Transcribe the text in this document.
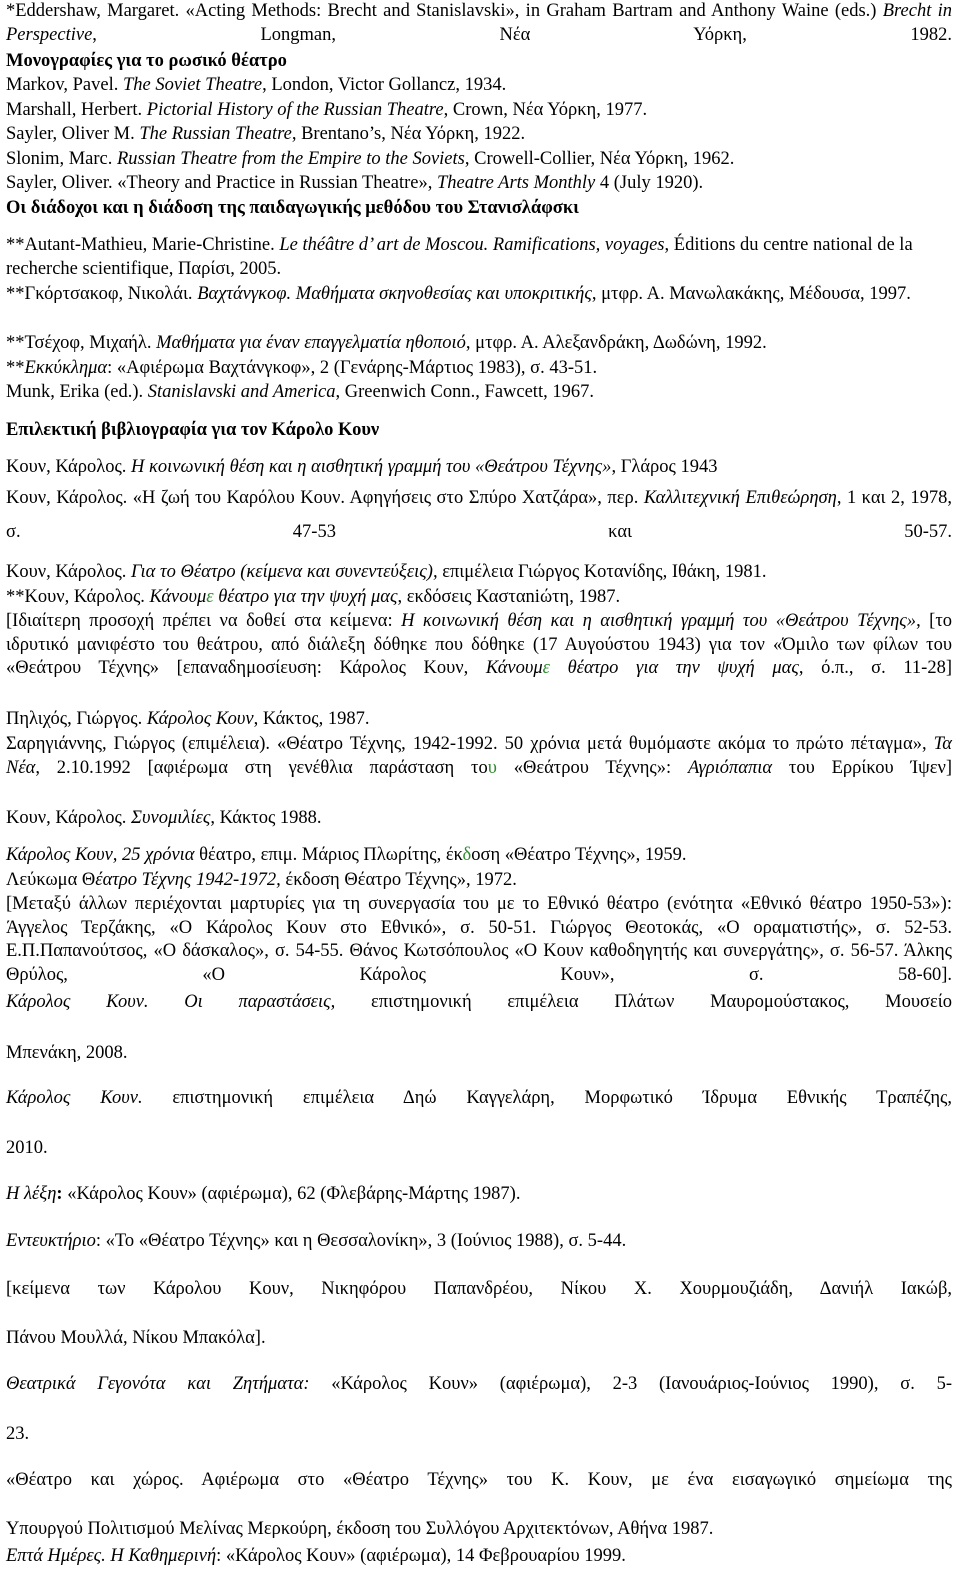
*Eddershaw, Margaret. «Acting Methods: Brecht and Stanislavski», in Graham Bartram and Anthony Waine (eds.) Brecht in Perspective, Longman, Νέα Υόρκη, 1982.
Μονογραφίες για το ρωσικό θέατρο
Markov, Pavel. The Soviet Theatre, London, Victor Gollancz, 1934.
Marshall, Herbert. Pictorial History of the Russian Theatre, Crown, Νέα Υόρκη, 1977.
Sayler, Oliver M. The Russian Theatre, Brentano’s, Νέα Υόρκη, 1922.
Slonim, Marc. Russian Theatre from the Empire to the Soviets, Crowell-Collier, Νέα Υόρκη, 1962.
Sayler, Oliver. «Theory and Practice in Russian Theatre», Theatre Arts Monthly 4 (July 1920).
Οι διάδοχοι και η διάδοση της παιδαγωγικής μεθόδου του Στανισλάφσκι
**Autant-Mathieu, Marie-Christine. Le théâtre d’ art de Moscou. Ramifications, voyages, Éditions du centre national de la recherche scientifique, Παρίσι, 2005.
**Γκόρτσακοφ, Νικολάι. Βαχτάνγκοφ. Μαθήματα σκηνοθεσίας και υποκριτικής, μτφρ. Α. Μανωλακάκης, Μέδουσα, 1997.
**Τσέχοφ, Μιχαήλ. Μαθήματα για έναν επαγγελματία ηθοποιό, μτφρ. Α. Αλεξανδράκη, Δωδώνη, 1992.
**Εκκύκλημα: «Αφιέρωμα Βαχτάνγκοφ», 2 (Γενάρης-Μάρτιος 1983), σ. 43-51.
Munk, Erika (ed.). Stanislavski and America, Greenwich Conn., Fawcett, 1967.
Επιλεκτική βιβλιογραφία για τον Κάρολο Κουν
Κουν, Κάρολος. Η κοινωνική θέση και η αισθητική γραμμή του «Θεάτρου Τέχνης», Γλάρος 1943
Κουν, Κάρολος. «Η ζωή του Καρόλου Κουν. Αφηγήσεις στο Σπύρο Χατζάρα», περ. Καλλιτεχνική Επιθεώρηση, 1 και 2, 1978, σ. 47-53 και 50-57.
Κουν, Κάρολος. Για το Θέατρο (κείμενα και συνεντεύξεις), επιμέλεια Γιώργος Κοτανίδης, Ιθάκη, 1981.
**Κουν, Κάρολος. Κάνουμε θέατρο για την ψυχή μας, εκδόσεις Κασταniώτη, 1987.
[Ιδιαίτερη προσοχή πρέπει να δοθεί στα κείμενα: Η κοινωνική θέση και η αισθητική γραμμή του «Θεάτρου Τέχνης», [το ιδρυτικό μανιφέστο του θεάτρου, από διάλεξη δόθηκε που δόθηκε (17 Αυγούστου 1943) για τον «Όμιλο των φίλων του «Θεάτρου Τέχνης» [επαναδημοσίευση: Κάρολος Κουν, Κάνουμε θέατρο για την ψυχή μας, ό.π., σ. 11-28]
Πηλιχός, Γιώργος. Κάρολος Κουν, Κάκτος, 1987.
Σαρηγιάννης, Γιώργος (επιμέλεια). «Θέατρο Τέχνης, 1942-1992. 50 χρόνια μετά θυμόμαστε ακόμα το πρώτο πέταγμα», Τα Νέα, 2.10.1992 [αφιέρωμα στη γενέθλια παράσταση του «Θεάτρου Τέχνης»: Αγριόπαπια του Ερρίκου Ίψεν]
Κουν, Κάρολος. Συνομιλίες, Κάκτος 1988.
Κάρολος Κουν, 25 χρόνια θέατρο, επιμ. Μάριος Πλωρίτης, έκδοση «Θέατρο Τέχνης», 1959.
Λεύκωμα Θέατρο Τέχνης 1942-1972, έκδοση Θέατρο Τέχνης», 1972.
[Μεταξύ άλλων περιέχονται μαρτυρίες για τη συνεργασία του με το Εθνικό θέατρο (ενότητα «Εθνικό θέατρο 1950-53»): Άγγελος Τερζάκης, «Ο Κάρολος Κουν στο Εθνικό», σ. 50-51. Γιώργος Θεοτοκάς, «Ο οραματιστής», σ. 52-53. Ε.Π.Παπανούτσος, «Ο δάσκαλος», σ. 54-55. Θάνος Κωτσόπουλος «Ο Κουν καθοδηγητής και συνεργάτης», σ. 56-57. Άλκης Θρύλος, «Ο Κάρολος Κουν», σ. 58-60].
Κάρολος Κουν. Οι παραστάσεις, επιστημονική επιμέλεια Πλάτων Μαυρομούστακος, Μουσείο
Μπενάκη, 2008.
Κάρολος Κουν. επιστημονική επιμέλεια Δηώ Καγγελάρη, Μορφωτικό Ίδρυμα Εθνικής Τραπέζης,
2010.
Η λέξη: «Κάρολος Κουν» (αφιέρωμα), 62 (Φλεβάρης-Μάρτης 1987).
Εντευκτήριο: «Το «Θέατρο Τέχνης» και η Θεσσαλονίκη», 3 (Ιούνιος 1988), σ. 5-44.
[κείμενα των Κάρολου Κουν, Νικηφόρου Παπανδρέου, Νίκου Χ. Χουρμουζιάδη, Δανιήλ Ιακώβ,
Πάνου Μουλλά, Νίκου Μπακόλα].
Θεατρικά Γεγονότα και Ζητήματα: «Κάρολος Κουν» (αφιέρωμα), 2-3 (Ιανουάριος-Ιούνιος 1990), σ. 5-
23.
«Θέατρο και χώρος. Αφιέρωμα στο «Θέατρο Τέχνης» του Κ. Κουν, με ένα εισαγωγικό σημείωμα της
Υπουργού Πολιτισμού Μελίνας Μερκούρη, έκδοση του Συλλόγου Αρχιτεκτόνων, Αθήνα 1987.
Επτά Ημέρες. Η Καθημερινή: «Κάρολος Κουν» (αφιέρωμα), 14 Φεβρουαρίου 1999.
